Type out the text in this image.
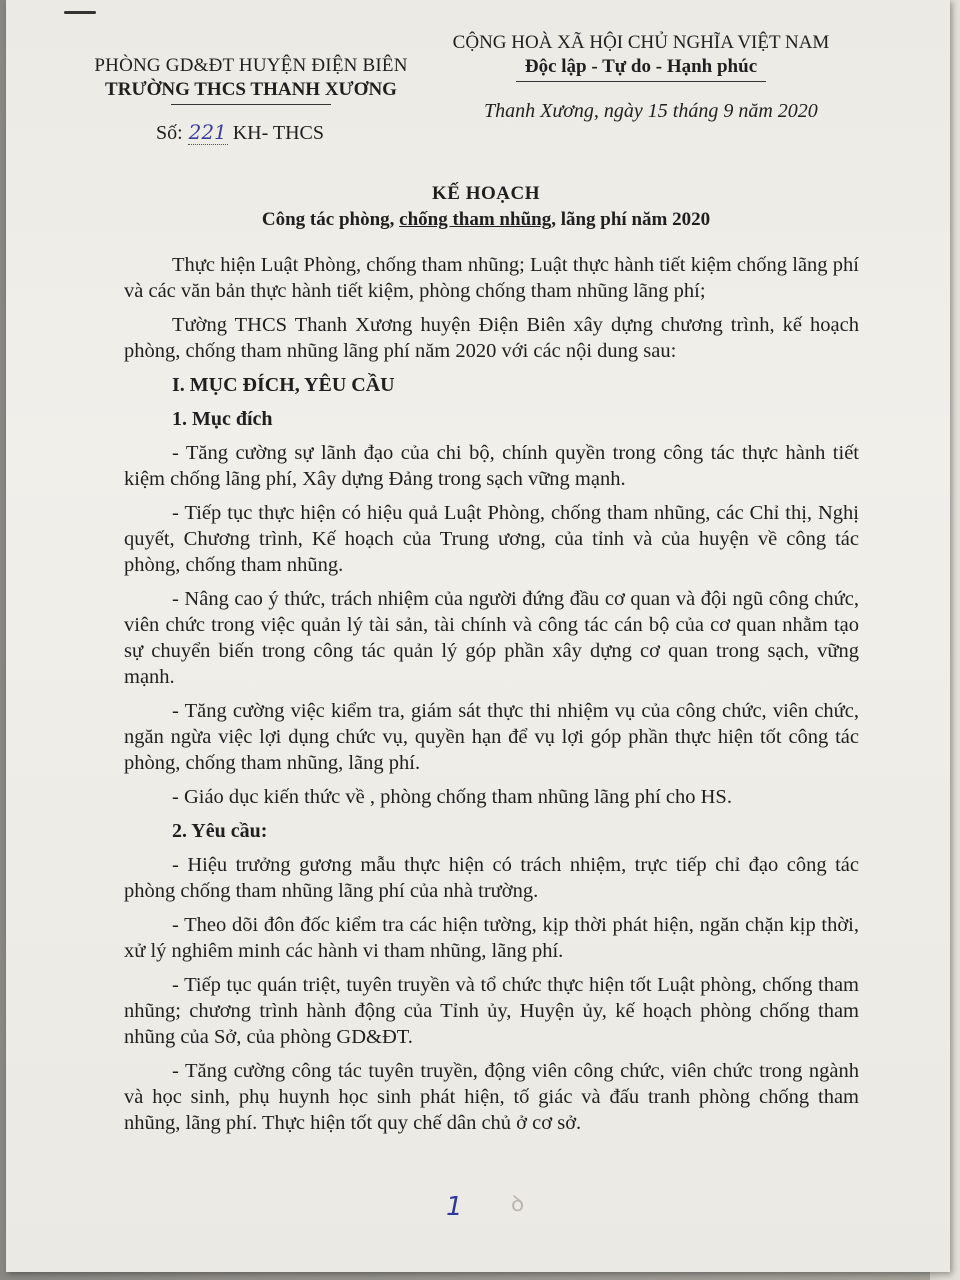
PHÒNG GD&ĐT HUYỆN ĐIỆN BIÊN
TRƯỜNG THCS THANH XƯƠNG
CỘNG HOÀ XÃ HỘI CHỦ NGHĨA VIỆT NAM
Độc lập - Tự do - Hạnh phúc
Số: 221 KH- THCS
Thanh Xương, ngày 15 tháng 9 năm 2020
KẾ HOẠCH
Công tác phòng, chống tham nhũng, lãng phí năm 2020

Thực hiện Luật Phòng, chống tham nhũng; Luật thực hành tiết kiệm chống lãng phí và các văn bản thực hành tiết kiệm, phòng chống tham nhũng lãng phí;

Tường THCS Thanh Xương huyện Điện Biên xây dựng chương trình, kế hoạch phòng, chống tham nhũng lãng phí năm 2020 với các nội dung sau:

I. MỤC ĐÍCH, YÊU CẦU
1. Mục đích

- Tăng cường sự lãnh đạo của chi bộ, chính quyền trong công tác thực hành tiết kiệm chống lãng phí, Xây dựng Đảng trong sạch vững mạnh.

- Tiếp tục thực hiện có hiệu quả Luật Phòng, chống tham nhũng, các Chỉ thị, Nghị quyết, Chương trình, Kế hoạch của Trung ương, của tỉnh và của huyện về công tác phòng, chống tham nhũng.

- Nâng cao ý thức, trách nhiệm của người đứng đầu cơ quan và đội ngũ công chức, viên chức trong việc quản lý tài sản, tài chính và công tác cán bộ của cơ quan nhằm tạo sự chuyển biến trong công tác quản lý góp phần xây dựng cơ quan trong sạch, vững mạnh.

- Tăng cường việc kiểm tra, giám sát thực thi nhiệm vụ của công chức, viên chức, ngăn ngừa việc lợi dụng chức vụ, quyền hạn để vụ lợi góp phần thực hiện tốt công tác phòng, chống tham nhũng, lãng phí.

- Giáo dục kiến thức về , phòng chống tham nhũng lãng phí cho HS.

2. Yêu cầu:

- Hiệu trưởng gương mẫu thực hiện có trách nhiệm, trực tiếp chỉ đạo công tác phòng chống tham nhũng lãng phí của nhà trường.

- Theo dõi đôn đốc kiểm tra các hiện tường, kịp thời phát hiện, ngăn chặn kịp thời, xử lý nghiêm minh các hành vi tham nhũng, lãng phí.

- Tiếp tục quán triệt, tuyên truyền và tổ chức thực hiện tốt Luật phòng, chống tham nhũng; chương trình hành động của Tỉnh ủy, Huyện ủy, kế hoạch phòng chống tham nhũng của Sở, của phòng GD&ĐT.

- Tăng cường công tác tuyên truyền, động viên công chức, viên chức trong ngành và học sinh, phụ huynh học sinh phát hiện, tố giác và đấu tranh phòng chống tham nhũng, lãng phí. Thực hiện tốt quy chế dân chủ ở cơ sở.

1 ꝺ
